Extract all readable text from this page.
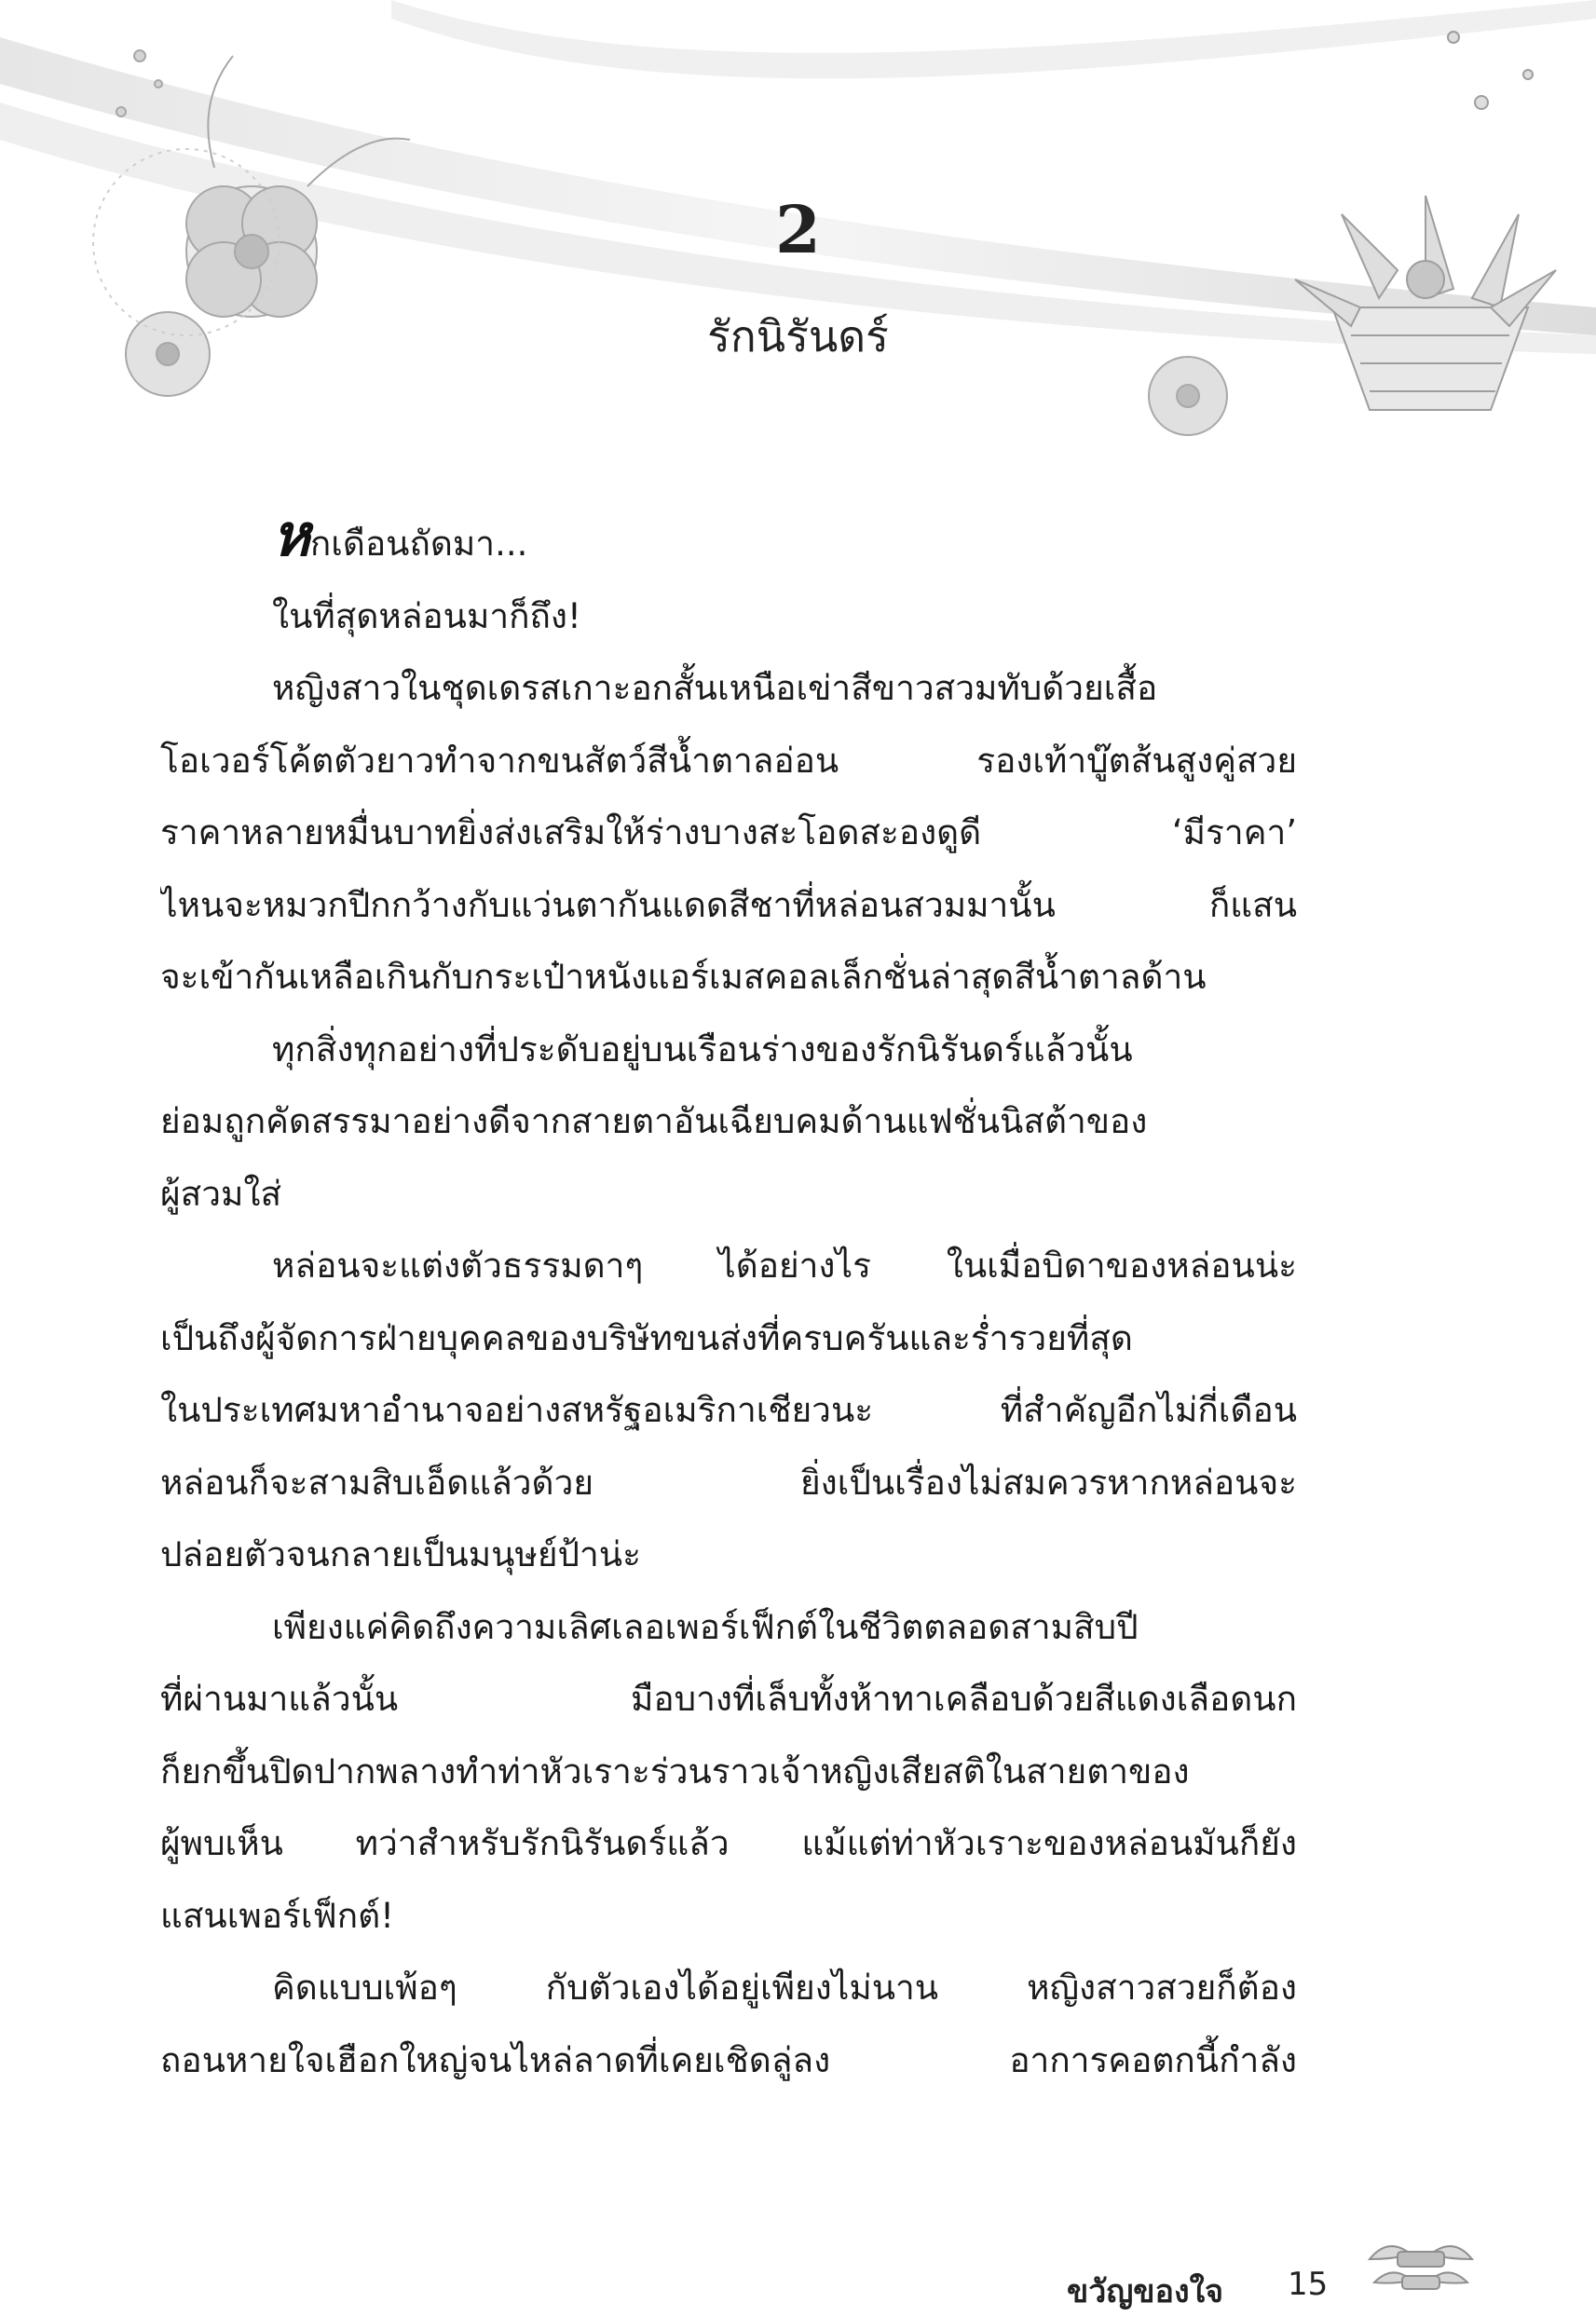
2
รักนิรันดร์
หกเดือนถัดมา...
ในที่สุดหล่อนมาก็ถึง!
หญิงสาวในชุดเดรสเกาะอกสั้นเหนือเข่าสีขาวสวมทับด้วยเสื้อ
โอเวอร์โค้ตตัวยาวทำจากขนสัตว์สีน้ำตาลอ่อน รองเท้าบู๊ตส้นสูงคู่สวย
ราคาหลายหมื่นบาทยิ่งส่งเสริมให้ร่างบางสะโอดสะองดูดี ‘มีราคา’
ไหนจะหมวกปีกกว้างกับแว่นตากันแดดสีชาที่หล่อนสวมมานั้น ก็แสน
จะเข้ากันเหลือเกินกับกระเป๋าหนังแอร์เมสคอลเล็กชั่นล่าสุดสีน้ำตาลด้าน
ทุกสิ่งทุกอย่างที่ประดับอยู่บนเรือนร่างของรักนิรันดร์แล้วนั้น
ย่อมถูกคัดสรรมาอย่างดีจากสายตาอันเฉียบคมด้านแฟชั่นนิสต้าของ
ผู้สวมใส่
หล่อนจะแต่งตัวธรรมดาๆ ได้อย่างไร ในเมื่อบิดาของหล่อนน่ะ
เป็นถึงผู้จัดการฝ่ายบุคคลของบริษัทขนส่งที่ครบครันและร่ำรวยที่สุด
ในประเทศมหาอำนาจอย่างสหรัฐอเมริกาเชียวนะ ที่สำคัญอีกไม่กี่เดือน
หล่อนก็จะสามสิบเอ็ดแล้วด้วย ยิ่งเป็นเรื่องไม่สมควรหากหล่อนจะ
ปล่อยตัวจนกลายเป็นมนุษย์ป้าน่ะ
เพียงแค่คิดถึงความเลิศเลอเพอร์เฟ็กต์ในชีวิตตลอดสามสิบปี
ที่ผ่านมาแล้วนั้น มือบางที่เล็บทั้งห้าทาเคลือบด้วยสีแดงเลือดนก
ก็ยกขึ้นปิดปากพลางทำท่าหัวเราะร่วนราวเจ้าหญิงเสียสติในสายตาของ
ผู้พบเห็น ทว่าสำหรับรักนิรันดร์แล้ว แม้แต่ท่าหัวเราะของหล่อนมันก็ยัง
แสนเพอร์เฟ็กต์!
คิดแบบเพ้อๆ กับตัวเองได้อยู่เพียงไม่นาน หญิงสาวสวยก็ต้อง
ถอนหายใจเฮือกใหญ่จนไหล่ลาดที่เคยเชิดลู่ลง อาการคอตกนี้กำลัง
ขวัญของใจ 15
